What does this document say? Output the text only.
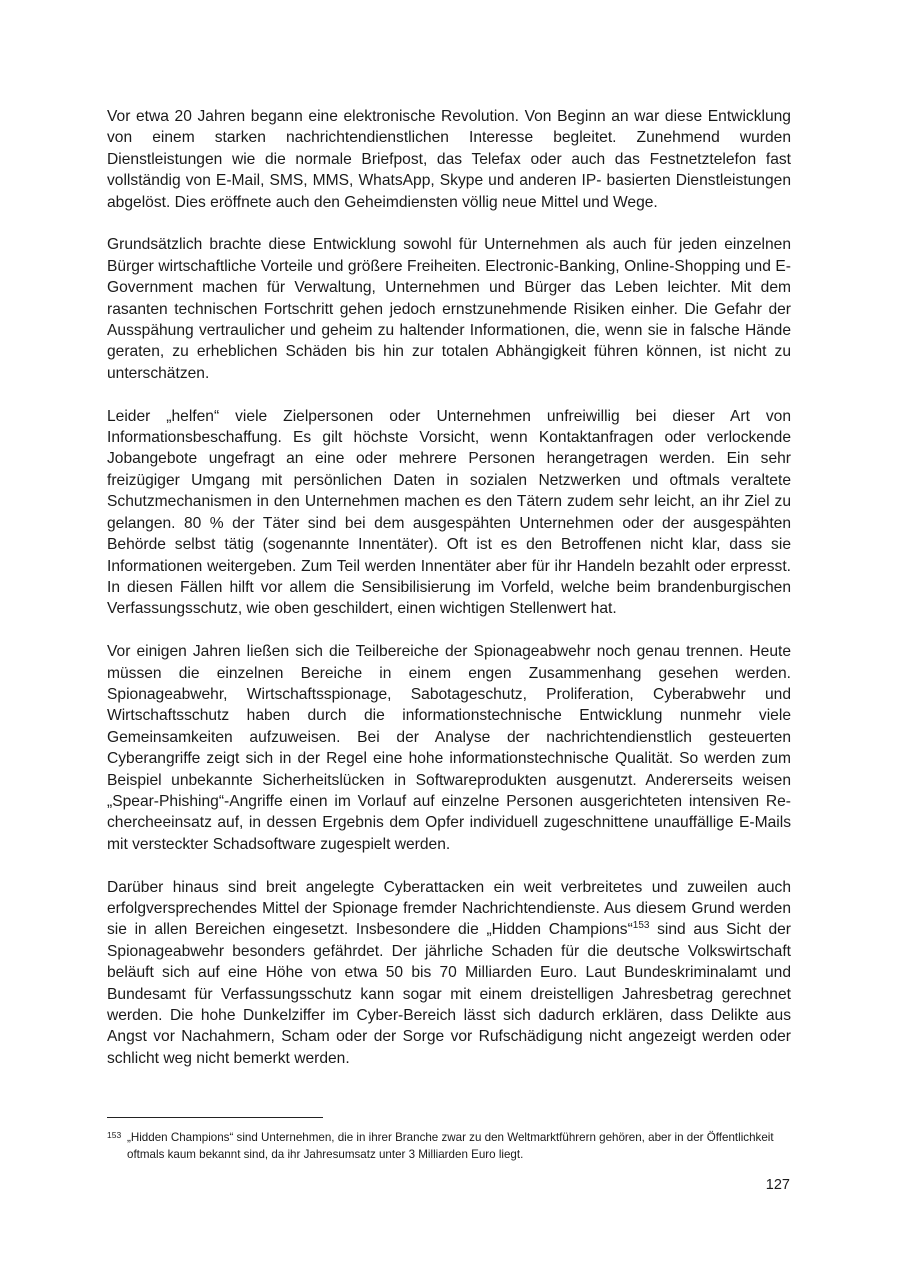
Vor etwa 20 Jahren begann eine elektronische Revolution. Von Beginn an war diese Entwicklung von einem starken nachrichtendienstlichen Interesse begleitet. Zunehmend wurden Dienstleistungen wie die normale Briefpost, das Telefax oder auch das Festnetztelefon fast vollständig von E-Mail, SMS, MMS, WhatsApp, Skype und anderen IP- basierten Dienstleistungen abgelöst. Dies eröffnete auch den Geheimdiensten völlig neue Mittel und Wege.

Grundsätzlich brachte diese Entwicklung sowohl für Unternehmen als auch für jeden einzelnen Bürger wirtschaftliche Vorteile und größere Freiheiten. Electronic-Banking, Online-Shopping und E-Government machen für Verwaltung, Unternehmen und Bürger das Leben leichter. Mit dem rasanten technischen Fortschritt gehen jedoch ernstzunehmende Risiken einher. Die Gefahr der Ausspähung vertraulicher und geheim zu haltender Informationen, die, wenn sie in falsche Hände geraten, zu erheblichen Schäden bis hin zur totalen Abhängigkeit führen können, ist nicht zu unterschätzen.

Leider „helfen“ viele Zielpersonen oder Unternehmen unfreiwillig bei dieser Art von Informationsbeschaffung. Es gilt höchste Vorsicht, wenn Kontaktanfragen oder verlockende Jobangebote ungefragt an eine oder mehrere Personen herangetragen werden. Ein sehr freizügiger Umgang mit persönlichen Daten in sozialen Netzwerken und oftmals veraltete Schutzmechanismen in den Unternehmen machen es den Tätern zudem sehr leicht, an ihr Ziel zu gelangen. 80 % der Täter sind bei dem ausgespähten Unternehmen oder der ausgespähten Behörde selbst tätig (sogenannte Innentäter). Oft ist es den Betroffenen nicht klar, dass sie Informationen weitergeben. Zum Teil werden Innentäter aber für ihr Handeln bezahlt oder erpresst. In diesen Fällen hilft vor allem die Sensibilisierung im Vorfeld, welche beim brandenburgischen Verfassungsschutz, wie oben geschildert, einen wichtigen Stellenwert hat.

Vor einigen Jahren ließen sich die Teilbereiche der Spionageabwehr noch genau trennen. Heute müssen die einzelnen Bereiche in einem engen Zusammenhang gesehen werden. Spionageabwehr, Wirtschaftsspionage, Sabotageschutz, Proliferation, Cyberabwehr und Wirtschaftsschutz haben durch die informationstechnische Entwicklung nunmehr viele Gemeinsamkeiten aufzuweisen. Bei der Analyse der nachrichtendienstlich gesteuerten Cyberangriffe zeigt sich in der Regel eine hohe informationstechnische Qualität. So werden zum Beispiel unbekannte Sicherheitslücken in Softwareprodukten ausgenutzt. Andererseits weisen „Spear-Phishing“-Angriffe einen im Vorlauf auf einzelne Personen ausgerichteten intensiven Rechercheeinsatz auf, in dessen Ergebnis dem Opfer individuell zugeschnittene unauffällige E-Mails mit versteckter Schadsoftware zugespielt werden.

Darüber hinaus sind breit angelegte Cyberattacken ein weit verbreitetes und zuweilen auch erfolgversprechendes Mittel der Spionage fremder Nachrichtendienste. Aus diesem Grund werden sie in allen Bereichen eingesetzt. Insbesondere die „Hidden Champions“$^{153}$ sind aus Sicht der Spionageabwehr besonders gefährdet. Der jährliche Schaden für die deutsche Volkswirtschaft beläuft sich auf eine Höhe von etwa 50 bis 70 Milliarden Euro. Laut Bundeskriminalamt und Bundesamt für Verfassungsschutz kann sogar mit einem dreistelligen Jahresbetrag gerechnet werden. Die hohe Dunkelziffer im Cyber-Bereich lässt sich dadurch erklären, dass Delikte aus Angst vor Nachahmern, Scham oder der Sorge vor Rufschädigung nicht angezeigt werden oder schlicht weg nicht bemerkt werden.

153 „Hidden Champions“ sind Unternehmen, die in ihrer Branche zwar zu den Weltmarktführern gehören, aber in der Öffentlichkeit oftmals kaum bekannt sind, da ihr Jahresumsatz unter 3 Milliarden Euro liegt.
127
